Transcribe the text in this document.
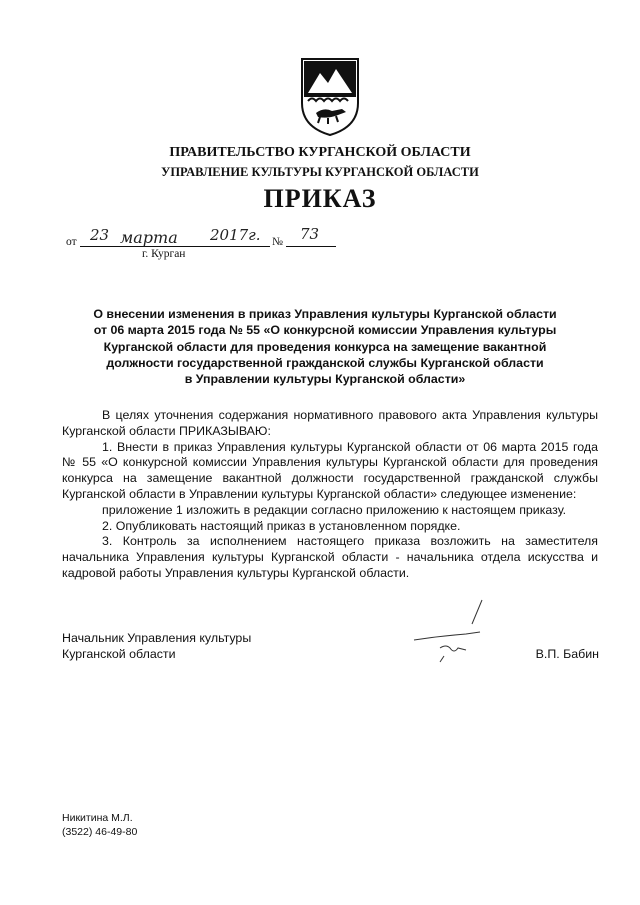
ПРАВИТЕЛЬСТВО КУРГАНСКОЙ ОБЛАСТИ
УПРАВЛЕНИЕ КУЛЬТУРЫ КУРГАНСКОЙ ОБЛАСТИ
ПРИКАЗ
от 23 марта 2017г. № 73
г. Курган
О внесении изменения в приказ Управления культуры Курганской области
от 06 марта 2015 года № 55 «О конкурсной комиссии Управления культуры
Курганской области для проведения конкурса на замещение вакантной
должности государственной гражданской службы Курганской области
в Управлении культуры Курганской области»

В целях уточнения содержания нормативного правового акта Управления культуры Курганской области ПРИКАЗЫВАЮ:

1. Внести в приказ Управления культуры Курганской области от 06 марта 2015 года № 55 «О конкурсной комиссии Управления культуры Курганской области для проведения конкурса на замещение вакантной должности государственной гражданской службы Курганской области в Управлении культуры Курганской области» следующее изменение:

приложение 1 изложить в редакции согласно приложению к настоящем приказу.

2. Опубликовать настоящий приказ в установленном порядке.

3. Контроль за исполнением настоящего приказа возложить на заместителя начальника Управления культуры Курганской области - начальника отдела искусства и кадровой работы Управления культуры Курганской области.

Начальник Управления культуры
Курганской области	В.П. Бабин
Никитина М.Л.
(3522) 46-49-80
